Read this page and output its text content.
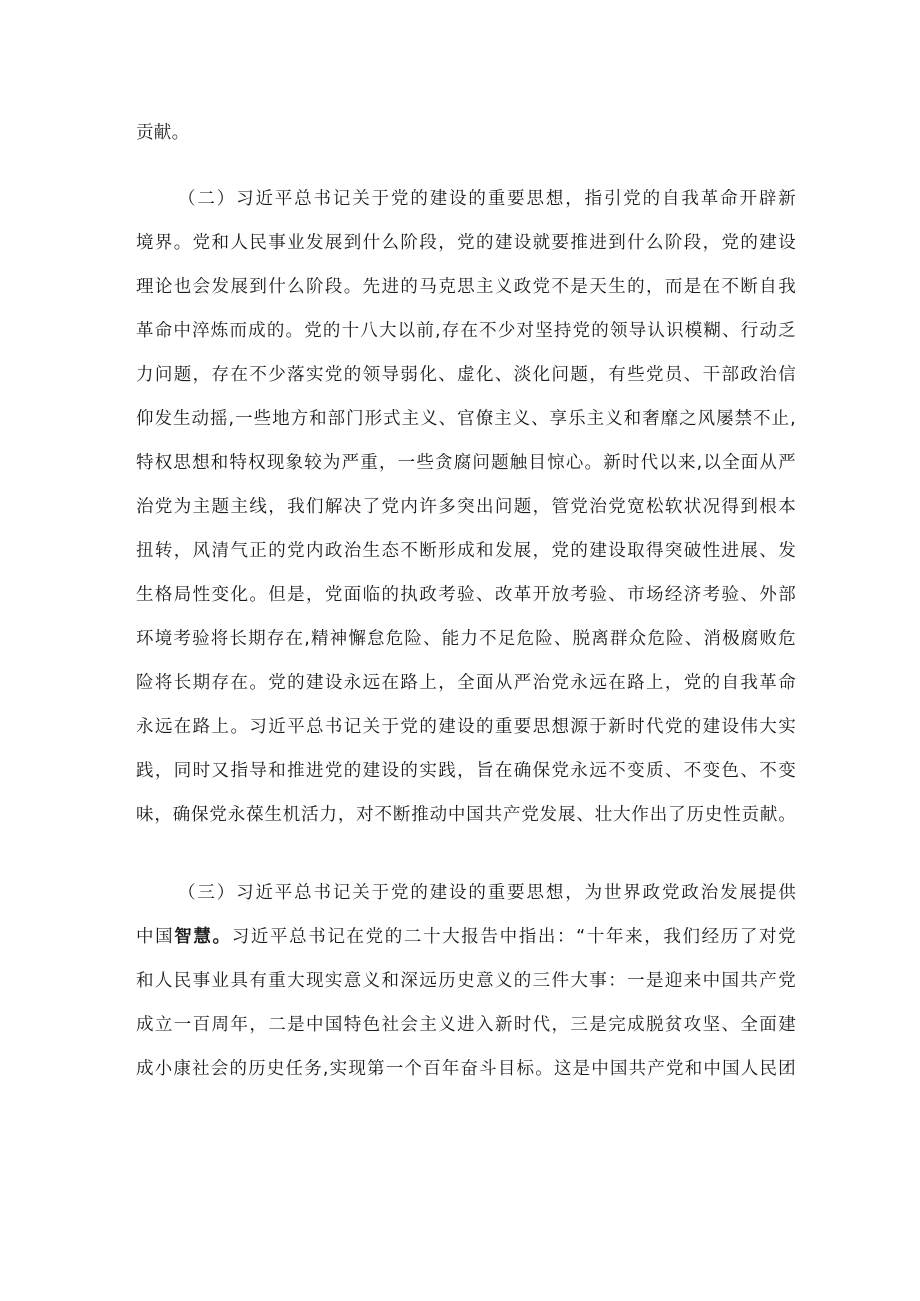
贡献。
（二）习近平总书记关于党的建设的重要思想，指引党的自我革命开辟新
境界。党和人民事业发展到什么阶段，党的建设就要推进到什么阶段，党的建设
理论也会发展到什么阶段。先进的马克思主义政党不是天生的，而是在不断自我
革命中淬炼而成的。党的十八大以前,存在不少对坚持党的领导认识模糊、行动乏
力问题，存在不少落实党的领导弱化、虚化、淡化问题，有些党员、干部政治信
仰发生动摇,一些地方和部门形式主义、官僚主义、享乐主义和奢靡之风屡禁不止,
特权思想和特权现象较为严重，一些贪腐问题触目惊心。新时代以来,以全面从严
治党为主题主线，我们解决了党内许多突出问题，管党治党宽松软状况得到根本
扭转，风清气正的党内政治生态不断形成和发展，党的建设取得突破性进展、发
生格局性变化。但是，党面临的执政考验、改革开放考验、市场经济考验、外部
环境考验将长期存在,精神懈怠危险、能力不足危险、脱离群众危险、消极腐败危
险将长期存在。党的建设永远在路上，全面从严治党永远在路上，党的自我革命
永远在路上。习近平总书记关于党的建设的重要思想源于新时代党的建设伟大实
践，同时又指导和推进党的建设的实践，旨在确保党永远不变质、不变色、不变
味，确保党永葆生机活力，对不断推动中国共产党发展、壮大作出了历史性贡献。
（三）习近平总书记关于党的建设的重要思想，为世界政党政治发展提供
中国智慧。习近平总书记在党的二十大报告中指出：“十年来，我们经历了对党
和人民事业具有重大现实意义和深远历史意义的三件大事：一是迎来中国共产党
成立一百周年，二是中国特色社会主义进入新时代，三是完成脱贫攻坚、全面建
成小康社会的历史任务,实现第一个百年奋斗目标。这是中国共产党和中国人民团
